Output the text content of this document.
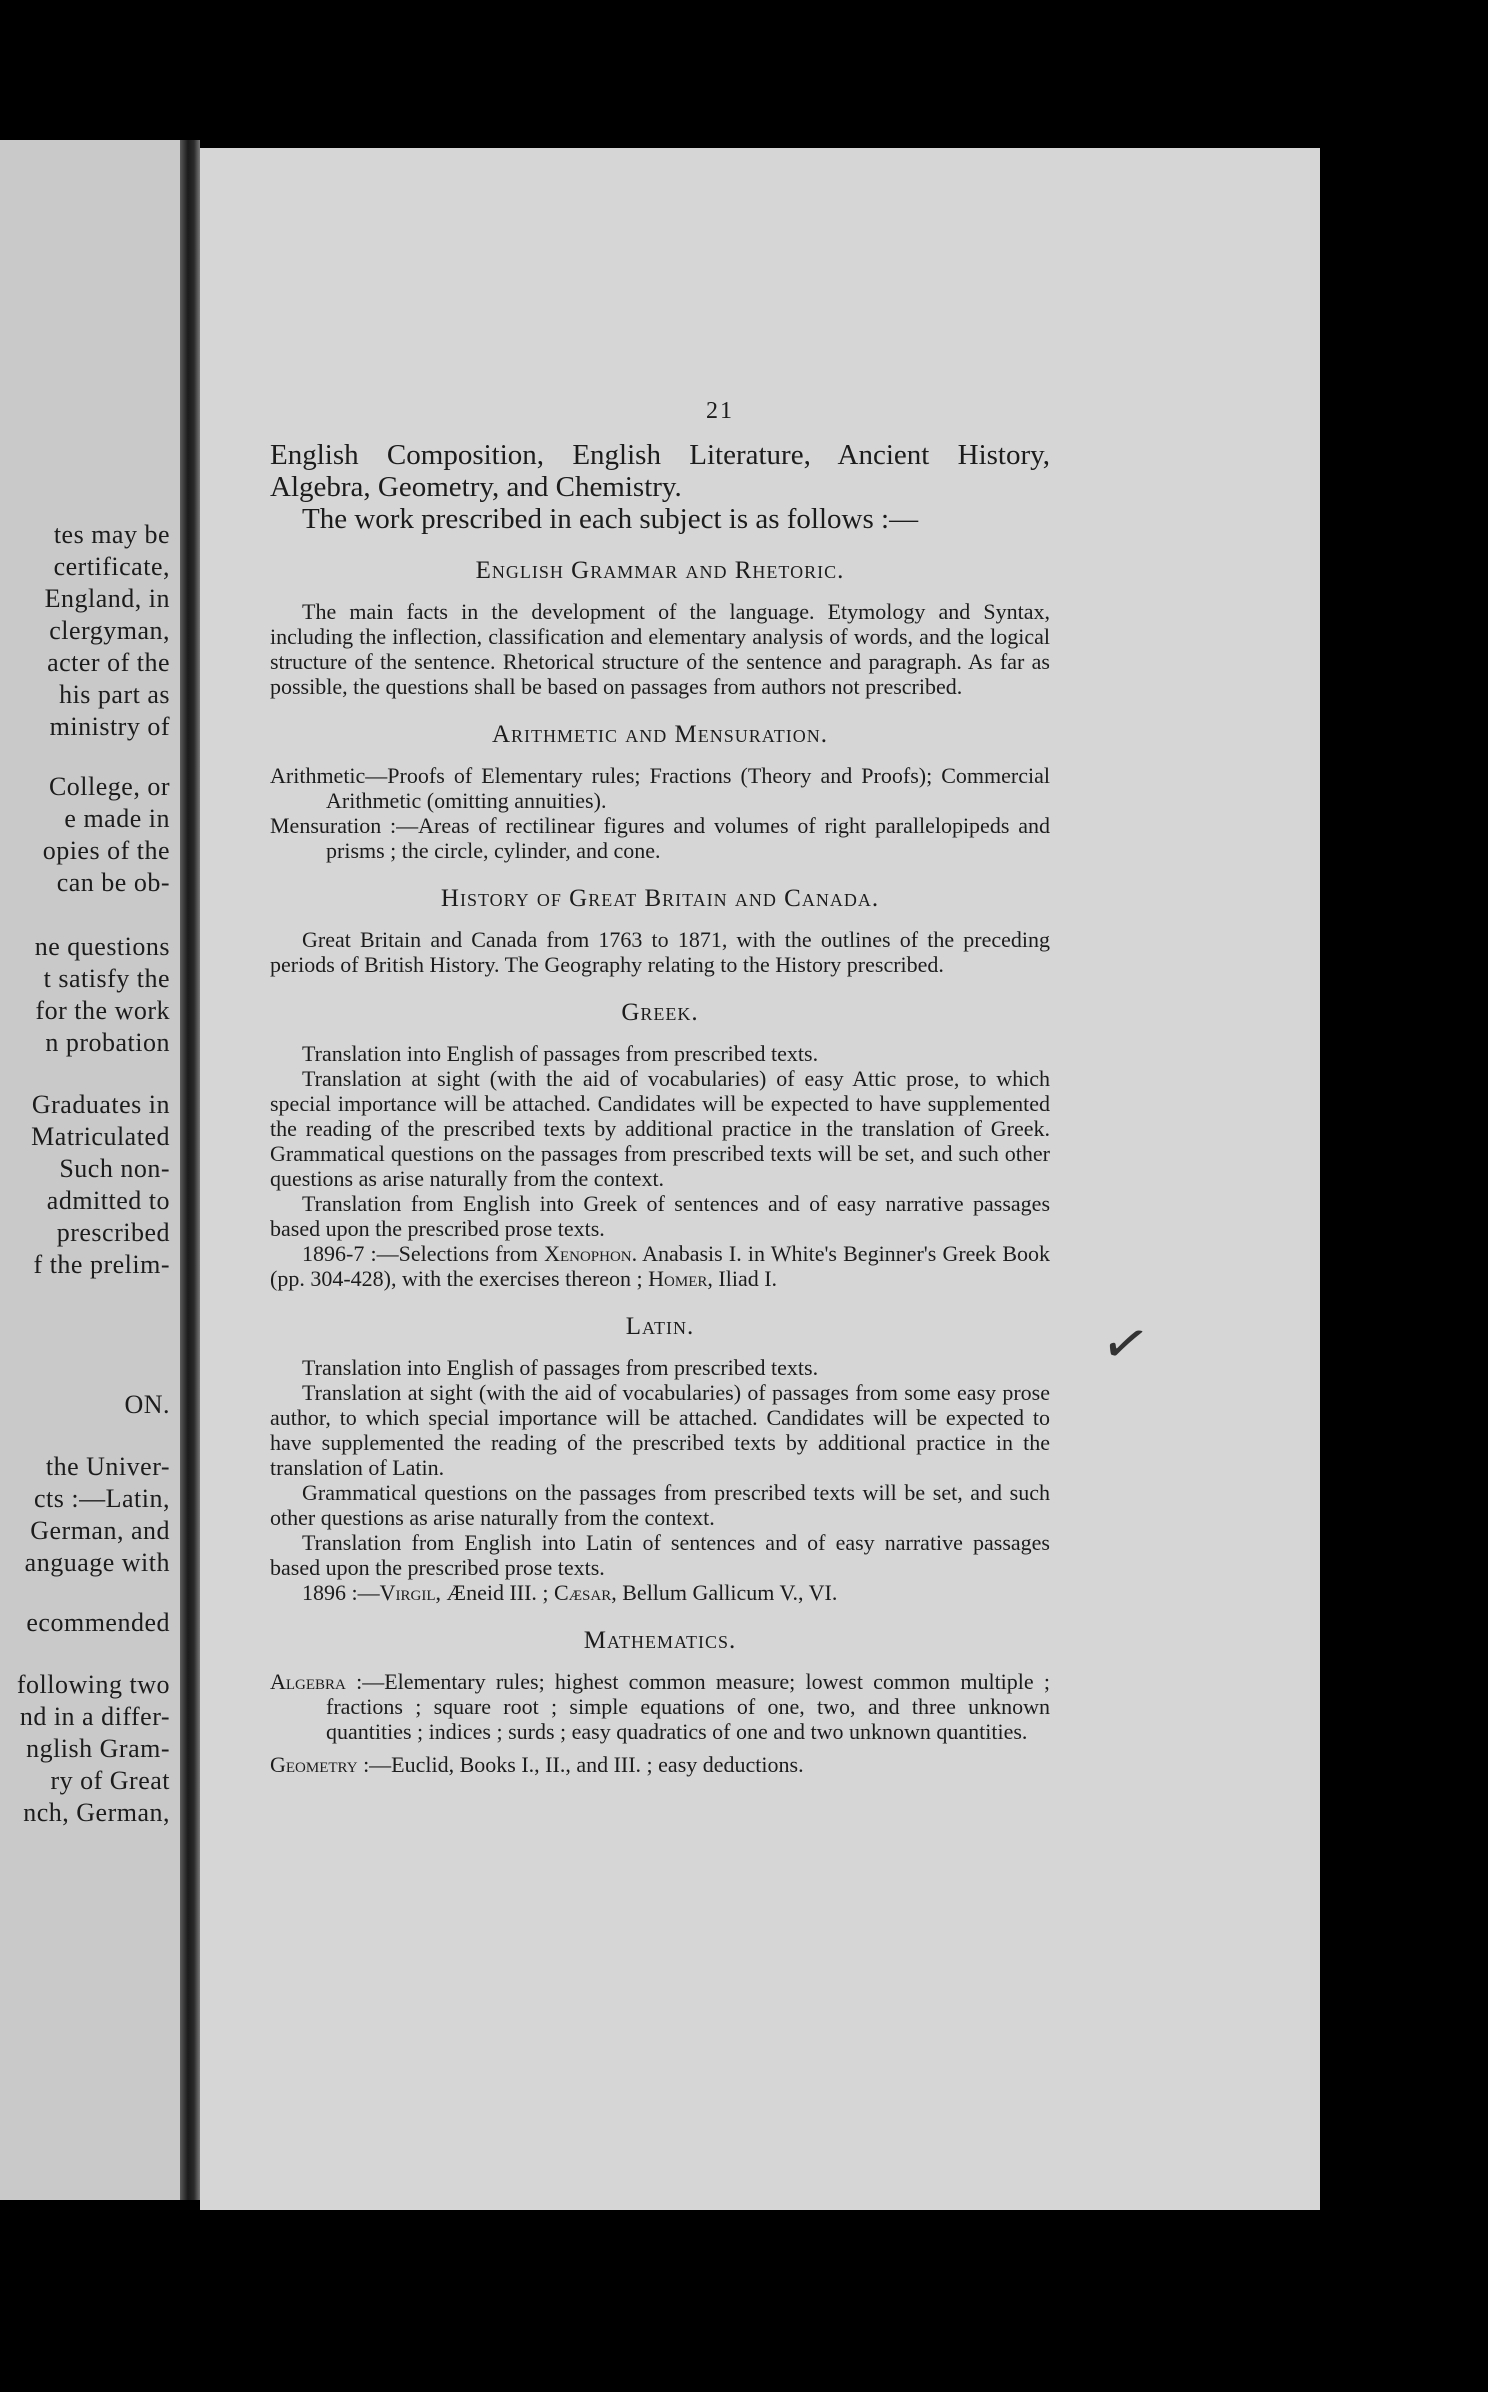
tes may be
certificate,
England, in
clergyman,
acter of the
his part as
ministry of
College, or
e made in
opies of the
can be ob-
ne questions
t satisfy the
for the work
n probation
Graduates in
Matriculated
Such non-
admitted to
prescribed
f the prelim-
ON.
the Univer-
cts :—Latin,
German, and
anguage with
ecommended
following two
nd in a differ-
nglish Gram-
ry of Great
nch, German,
21

English Composition, English Literature, Ancient History, Algebra, Geometry, and Chemistry.

The work prescribed in each subject is as follows :—

English Grammar and Rhetoric.

The main facts in the development of the language. Etymology and Syntax, including the inflection, classification and elementary analysis of words, and the logical structure of the sentence. Rhetorical structure of the sentence and paragraph. As far as possible, the questions shall be based on passages from authors not prescribed.

Arithmetic and Mensuration.

Arithmetic—Proofs of Elementary rules; Fractions (Theory and Proofs); Commercial Arithmetic (omitting annuities).

Mensuration :—Areas of rectilinear figures and volumes of right parallelopipeds and prisms ; the circle, cylinder, and cone.

History of Great Britain and Canada.

Great Britain and Canada from 1763 to 1871, with the outlines of the preceding periods of British History. The Geography relating to the History prescribed.

Greek.

Translation into English of passages from prescribed texts.

Translation at sight (with the aid of vocabularies) of easy Attic prose, to which special importance will be attached. Candidates will be expected to have supplemented the reading of the prescribed texts by additional practice in the translation of Greek. Grammatical questions on the passages from prescribed texts will be set, and such other questions as arise naturally from the context.

Translation from English into Greek of sentences and of easy narrative passages based upon the prescribed prose texts.

1896-7 :—Selections from Xenophon. Anabasis I. in White's Beginner's Greek Book (pp. 304-428), with the exercises thereon ; Homer, Iliad I.

Latin.

Translation into English of passages from prescribed texts.

Translation at sight (with the aid of vocabularies) of passages from some easy prose author, to which special importance will be attached. Candidates will be expected to have supplemented the reading of the prescribed texts by additional practice in the translation of Latin.

Grammatical questions on the passages from prescribed texts will be set, and such other questions as arise naturally from the context.

Translation from English into Latin of sentences and of easy narrative passages based upon the prescribed prose texts.

1896 :—Virgil, Æneid III. ; Cæsar, Bellum Gallicum V., VI.

Mathematics.

Algebra :—Elementary rules; highest common measure; lowest common multiple ; fractions ; square root ; simple equations of one, two, and three unknown quantities ; indices ; surds ; easy quadratics of one and two unknown quantities.

Geometry :—Euclid, Books I., II., and III. ; easy deductions.

✓
